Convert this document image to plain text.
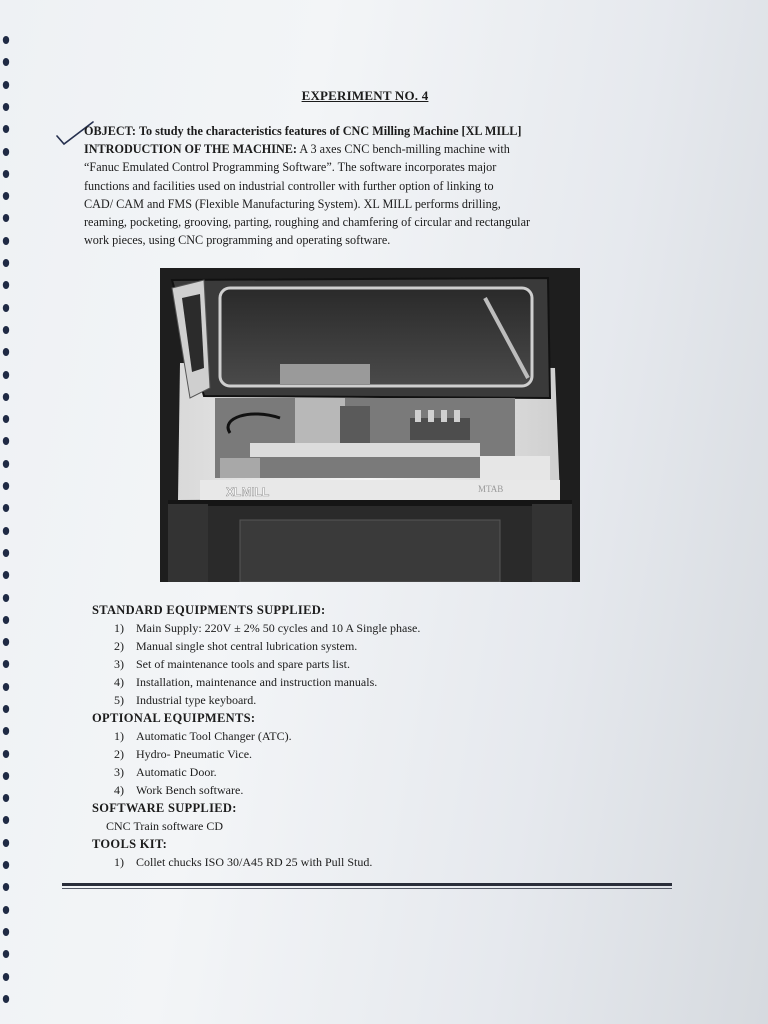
EXPERIMENT NO. 4
OBJECT: To study the characteristics features of CNC Milling Machine [XL MILL]
INTRODUCTION OF THE MACHINE: A 3 axes CNC bench-milling machine with
“Fanuc Emulated Control Programming Software”. The software incorporates major
functions and facilities used on industrial controller with further option of linking to
CAD/ CAM and FMS (Flexible Manufacturing System). XL MILL performs drilling,
reaming, pocketing, grooving, parting, roughing and chamfering of circular and rectangular
work pieces, using CNC programming and operating software.
XLMILL	MTAB
STANDARD EQUIPMENTS SUPPLIED:
1) Main Supply: 220V ± 2% 50 cycles and 10 A Single phase.
2) Manual single shot central lubrication system.
3) Set of maintenance tools and spare parts list.
4) Installation, maintenance and instruction manuals.
5) Industrial type keyboard.
OPTIONAL EQUIPMENTS:
1) Automatic Tool Changer (ATC).
2) Hydro- Pneumatic Vice.
3) Automatic Door.
4) Work Bench software.
SOFTWARE SUPPLIED:
CNC Train software CD
TOOLS KIT:
1) Collet chucks ISO 30/A45 RD 25 with Pull Stud.
